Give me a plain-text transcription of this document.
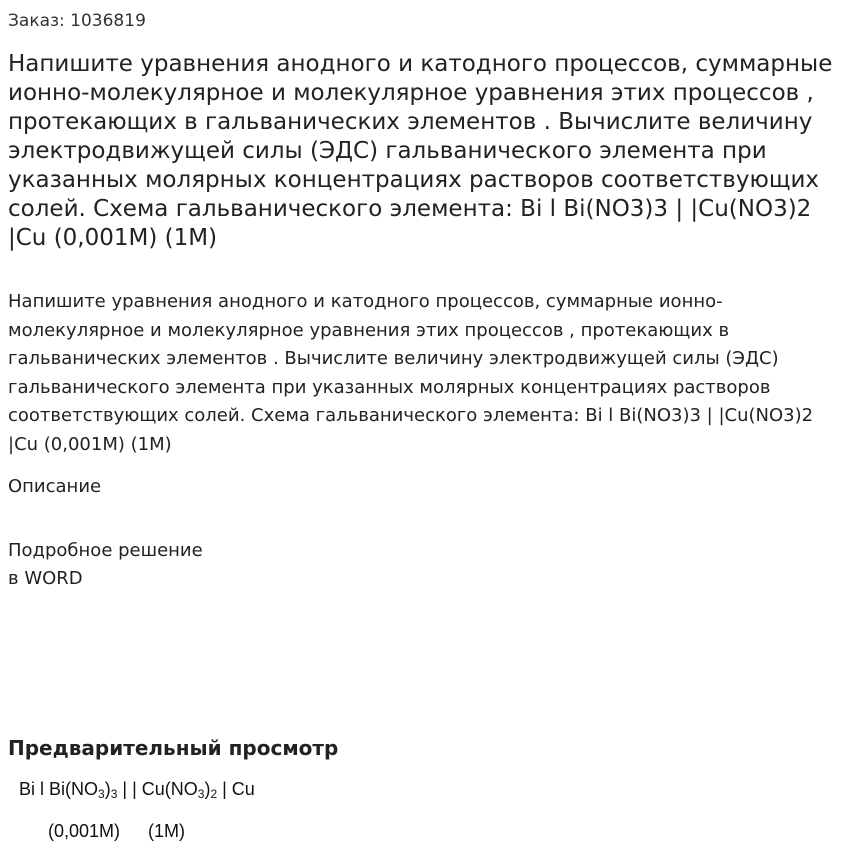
Заказ: 1036819
Напишите уравнения анодного и катодного процессов, суммарные ионно-молекулярное и молекулярное уравнения этих процессов , протекающих в гальванических элементов . Вычислите величину электродвижущей силы (ЭДС) гальванического элемента при указанных молярных концентрациях растворов соответствующих солей. Схема гальванического элемента: Bi l Bi(NO3)3 | |Cu(NO3)2 |Cu (0,001M) (1M)
Напишите уравнения анодного и катодного процессов, суммарные ионно-молекулярное и молекулярное уравнения этих процессов , протекающих в гальванических элементов . Вычислите величину электродвижущей силы (ЭДС) гальванического элемента при указанных молярных концентрациях растворов соответствующих солей. Схема гальванического элемента: Bi l Bi(NO3)3 | |Cu(NO3)2 |Cu (0,001M) (1M)
Описание
Подробное решение
в WORD
Предварительный просмотр
Bi l $Bi(NO_3)_3$ | | $Cu(NO_3)_2$ | Cu
(0,001M) (1M)
